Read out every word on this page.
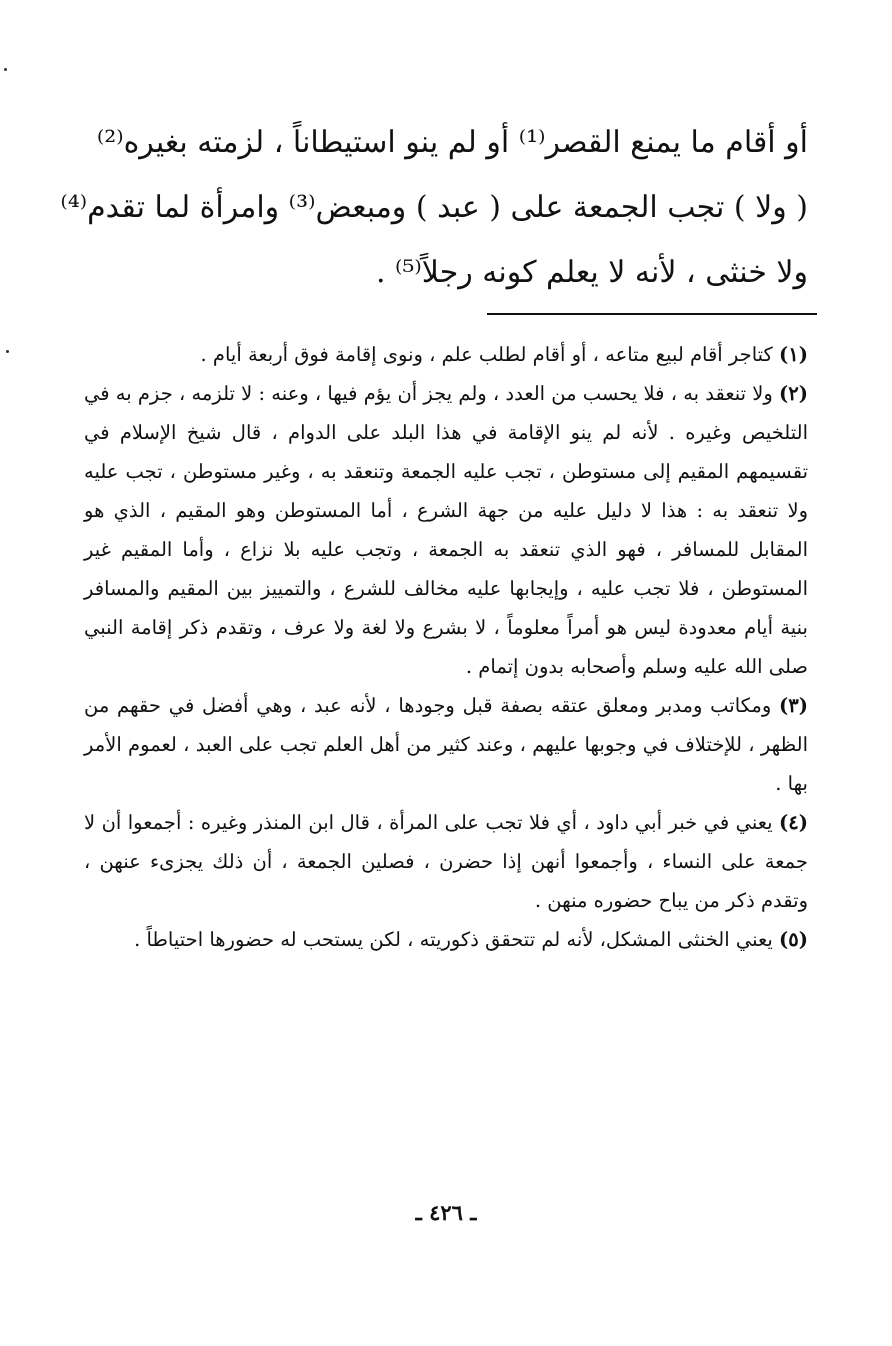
أو أقام ما يمنع القصر⁽¹⁾ أو لم ينو استيطاناً ، لزمته بغيره⁽²⁾
( ولا ) تجب الجمعة على ( عبد ) ومبعض⁽³⁾ وامرأة لما تقدم⁽⁴⁾
ولا خنثى ، لأنه لا يعلم كونه رجلاً⁽⁵⁾ .

(١) كتاجر أقام لبيع متاعه ، أو أقام لطلب علم ، ونوى إقامة فوق أربعة أيام .

(٢) ولا تنعقد به ، فلا يحسب من العدد ، ولم يجز أن يؤم فيها ، وعنه : لا تلزمه ، جزم به في التلخيص وغيره . لأنه لم ينو الإقامة في هذا البلد على الدوام ، قال شيخ الإسلام في تقسيمهم المقيم إلى مستوطن ، تجب عليه الجمعة وتنعقد به ، وغير مستوطن ، تجب عليه ولا تنعقد به : هذا لا دليل عليه من جهة الشرع ، أما المستوطن وهو المقيم ، الذي هو المقابل للمسافر ، فهو الذي تنعقد به الجمعة ، وتجب عليه بلا نزاع ، وأما المقيم غير المستوطن ، فلا تجب عليه ، وإيجابها عليه مخالف للشرع ، والتمييز بين المقيم والمسافر بنية أيام معدودة ليس هو أمراً معلوماً ، لا بشرع ولا لغة ولا عرف ، وتقدم ذكر إقامة النبي صلى الله عليه وسلم وأصحابه بدون إتمام .

(٣) ومكاتب ومدبر ومعلق عتقه بصفة قبل وجودها ، لأنه عبد ، وهي أفضل في حقهم من الظهر ، للإختلاف في وجوبها عليهم ، وعند كثير من أهل العلم تجب على العبد ، لعموم الأمر بها .

(٤) يعني في خبر أبي داود ، أي فلا تجب على المرأة ، قال ابن المنذر وغيره : أجمعوا أن لا جمعة على النساء ، وأجمعوا أنهن إذا حضرن ، فصلين الجمعة ، أن ذلك يجزىء عنهن ، وتقدم ذكر من يباح حضوره منهن .

(٥) يعني الخنثى المشكل، لأنه لم تتحقق ذكوريته ، لكن يستحب له حضورها احتياطاً .

ـ ٤٢٦ ـ
